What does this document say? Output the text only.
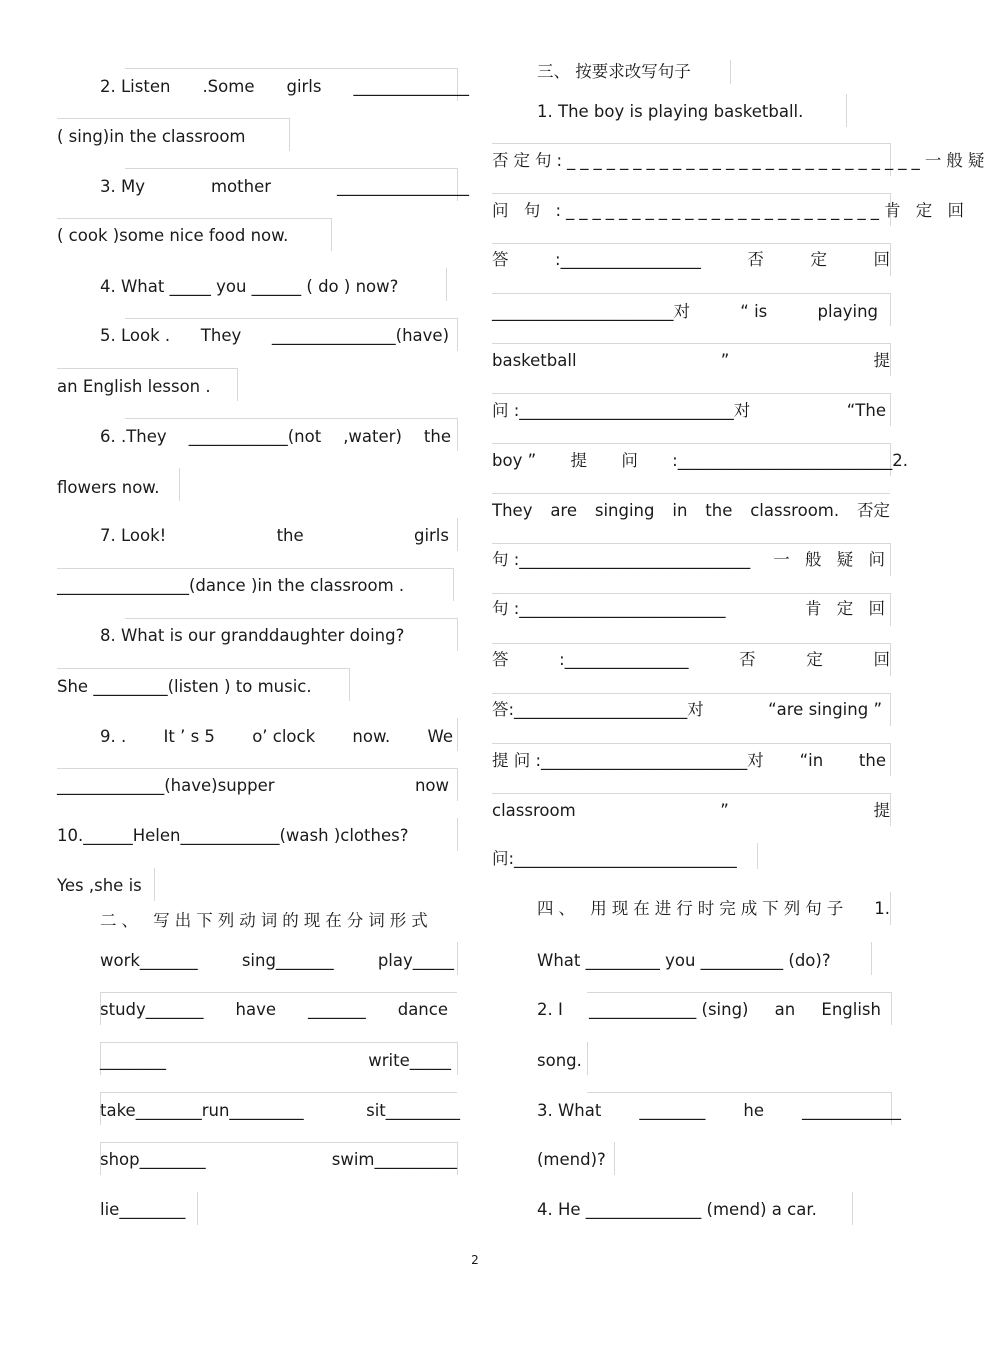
2. Listen .Some girls ______________
( sing)in the classroom
3. My	mother	________________
( cook )some nice food now.
4. What _____ you ______ ( do ) now?
5. Look . They _______________(have)
an English lesson .
6. .They ____________(not ,water) the
flowers now.
7. Look!	the	girls
________________(dance )in the classroom .
8. What is our granddaughter doing?
She _________(listen ) to music.
9. . It ’ s 5 o’ clock now. We
_____________(have)supper	now
10.______Helen____________(wash )clothes?
Yes ,she is
二、 写出下列动词的现在分词形式
work_______	sing_______	play_____
study_______ have _______ dance
________	write_____
take________run_________	sit_________
shop________	swim__________
lie________
三、 按要求改写句子
1. The boy is playing basketball.
否定句:___________________________ 一般疑
问 句 :________________________ 肯 定 回
答	:_________________	否	定	回
______________________对	“ is	playing
basketball	”	提
问 :__________________________对	“The
boy ” 提 问 :__________________________2.
They are singing in the classroom. 否定
句 :____________________________ 一 般 疑 问
句 :_________________________	肯 定 回
答	:_______________	否	定	回
答:_____________________对	“are singing ”
提 问 :_________________________对 “in the
classroom	”	提
问:___________________________
四、 用现在进行时完成下列句子 1.
What _________ you __________ (do)?
2. I _____________ (sing) an English
song.
3. What ________ he ____________
(mend)?
4. He ______________ (mend) a car.
2
